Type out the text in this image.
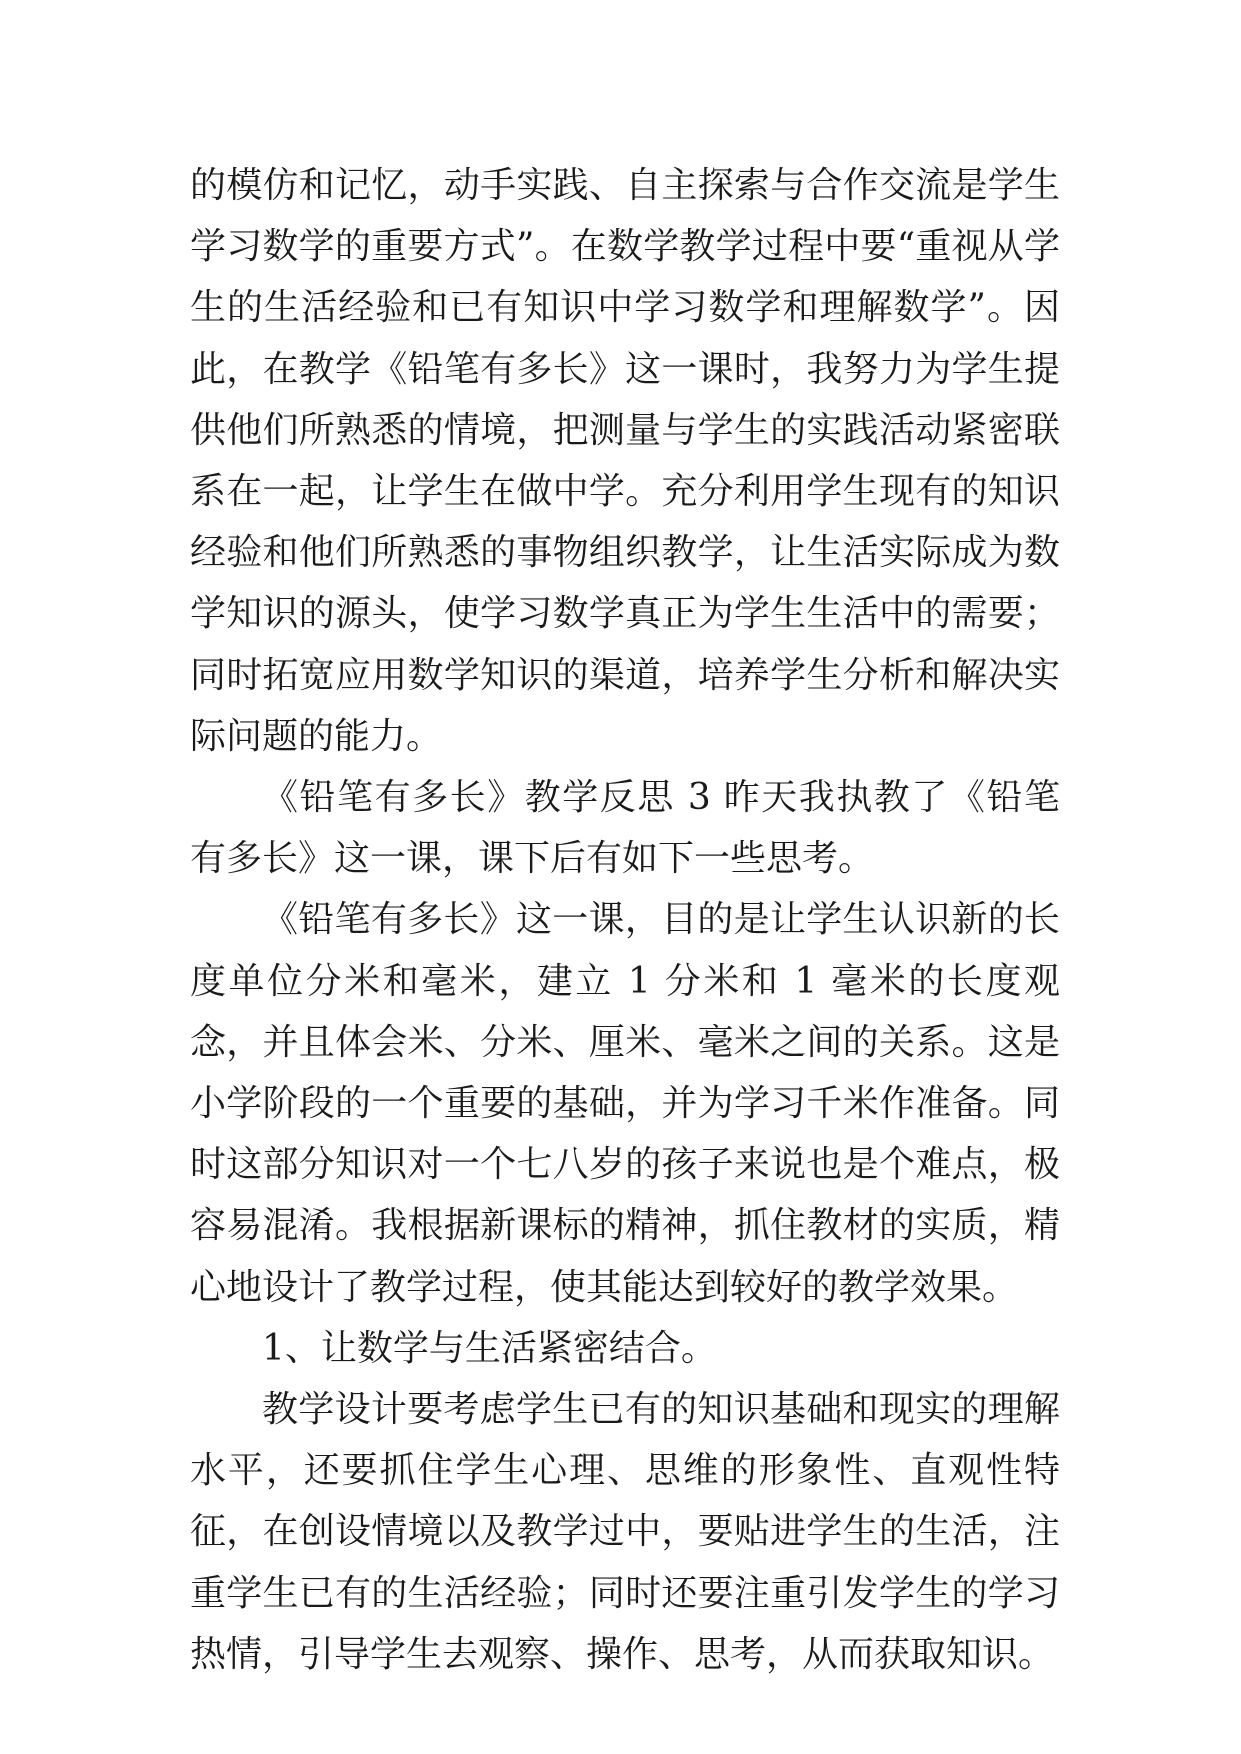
的模仿和记忆，动手实践、自主探索与合作交流是学生学习数学的重要方式”。在数学教学过程中要“重视从学生的生活经验和已有知识中学习数学和理解数学”。因此，在教学《铅笔有多长》这一课时，我努力为学生提供他们所熟悉的情境，把测量与学生的实践活动紧密联系在一起，让学生在做中学。充分利用学生现有的知识经验和他们所熟悉的事物组织教学，让生活实际成为数学知识的源头，使学习数学真正为学生生活中的需要；同时拓宽应用数学知识的渠道，培养学生分析和解决实际问题的能力。

《铅笔有多长》教学反思 3 昨天我执教了《铅笔有多长》这一课，课下后有如下一些思考。

《铅笔有多长》这一课，目的是让学生认识新的长度单位分米和毫米，建立 1 分米和 1 毫米的长度观念，并且体会米、分米、厘米、毫米之间的关系。这是小学阶段的一个重要的基础，并为学习千米作准备。同时这部分知识对一个七八岁的孩子来说也是个难点，极容易混淆。我根据新课标的精神，抓住教材的实质，精心地设计了教学过程，使其能达到较好的教学效果。

1、让数学与生活紧密结合。

教学设计要考虑学生已有的知识基础和现实的理解水平，还要抓住学生心理、思维的形象性、直观性特征，在创设情境以及教学过中，要贴进学生的生活，注重学生已有的生活经验；同时还要注重引发学生的学习热情，引导学生去观察、操作、思考，从而获取知识。
